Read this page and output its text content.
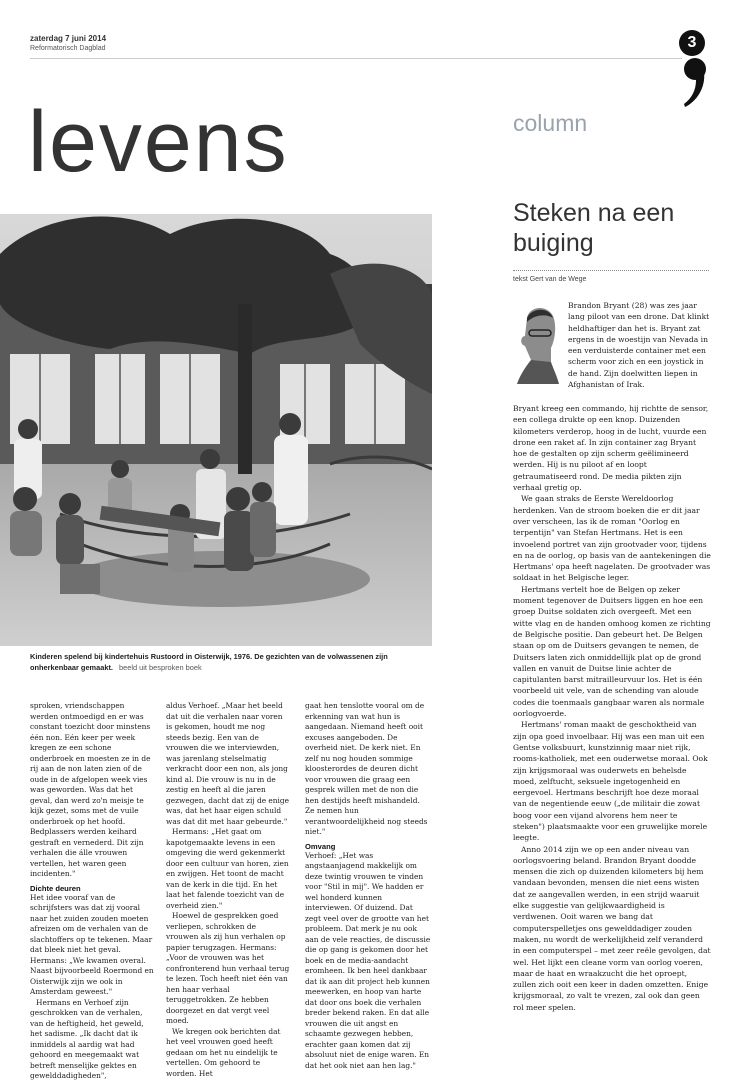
zaterdag 7 juni 2014
Reformatorisch Dagblad	3
levens	column
Steken na een buiging
tekst Gert van de Wege
Kinderen spelend bij kindertehuis Rustoord in Oisterwijk, 1976. De gezichten van de volwassenen zijn onherkenbaar gemaakt. beeld uit besproken boek

sproken, vriendschappen werden ontmoedigd en er was constant toezicht door minstens één non. Eén keer per week kregen ze een schone onderbroek en moesten ze in de rij aan de non laten zien of de oude in de afgelopen week vies was geworden. Was dat het geval, dan werd zo'n meisje te kijk gezet, soms met de vuile onderbroek op het hoofd. Bedplassers werden keihard gestraft en vernederd. Dit zijn verhalen die álle vrouwen vertellen, het waren geen incidenten."

Dichte deuren

Het idee vooraf van de schrijfsters was dat zij vooral naar het zuiden zouden moeten afreizen om de verhalen van de slachtoffers op te tekenen. Maar dat bleek niet het geval. Hermans: „We kwamen overal. Naast bijvoorbeeld Roermond en Oisterwijk zijn we ook in Amsterdam geweest."

Hermans en Verhoef zijn geschrokken van de verhalen, van de heftigheid, het geweld, het sadisme. „Ik dacht dat ik inmiddels al aardig wat had gehoord en meegemaakt wat betreft menselijke gektes en gewelddadigheden",

aldus Verhoef. „Maar het beeld dat uit die verhalen naar voren is gekomen, houdt me nog steeds bezig. Een van de vrouwen die we interviewden, was jarenlang stelselmatig verkracht door een non, als jong kind al. Die vrouw is nu in de zestig en heeft al die jaren gezwegen, dacht dat zij de enige was, dat het haar eigen schuld was dat dit met haar gebeurde."

Hermans: „Het gaat om kapotgemaakte levens in een omgeving die werd gekenmerkt door een cultuur van horen, zien en zwijgen. Het toont de macht van de kerk in die tijd. En het laat het falende toezicht van de overheid zien."

Hoewel de gesprekken goed verliepen, schrokken de vrouwen als zij hun verhalen op papier terugzagen. Hermans: „Voor de vrouwen was het confronterend hun verhaal terug te lezen. Toch heeft niet één van hen haar verhaal teruggetrokken. Ze hebben doorgezet en dat vergt veel moed.

We kregen ook berichten dat het veel vrouwen goed heeft gedaan om het nu eindelijk te vertellen. Om gehoord te worden. Het

gaat hen tenslotte vooral om de erkenning van wat hun is aangedaan. Niemand heeft ooit excuses aangeboden. De overheid niet. De kerk niet. En zelf nu nog houden sommige kloosterordes de deuren dicht voor vrouwen die graag een gesprek willen met de non die hen destijds heeft mishandeld. Ze nemen hun verantwoordelijkheid nog steeds niet."

Omvang

Verhoef: „Het was angstaanjagend makkelijk om deze twintig vrouwen te vinden voor "Stil in mij". We hadden er wel honderd kunnen interviewen. Of duizend. Dat zegt veel over de grootte van het probleem. Dat merk je nu ook aan de vele reacties, de discussie die op gang is gekomen door het boek en de media-aandacht eromheen. Ik ben heel dankbaar dat ik aan dit project heb kunnen meewerken, en hoop van harte dat door ons boek die verhalen breder bekend raken. En dat alle vrouwen die uit angst en schaamte gezwegen hebben, erachter gaan komen dat zij absoluut niet de enige waren. En dat het ook niet aan hen lag."

Brandon Bryant (28) was zes jaar lang piloot van een drone. Dat klinkt heldhaftiger dan het is. Bryant zat ergens in de woestijn van Nevada in een verduisterde container met een scherm voor zich en een joystick in de hand. Zijn doelwitten liepen in Afghanistan of Irak.

Bryant kreeg een commando, hij richtte de sensor, een collega drukte op een knop. Duizenden kilometers verderop, hoog in de lucht, vuurde een drone een raket af. In zijn container zag Bryant hoe de gestalten op zijn scherm geëlimineerd werden. Hij is nu piloot af en loopt getraumatiseerd rond. De media pikten zijn verhaal gretig op.

We gaan straks de Eerste Wereldoorlog herdenken. Van de stroom boeken die er dit jaar over verscheen, las ik de roman "Oorlog en terpentijn" van Stefan Hertmans. Het is een invoelend portret van zijn grootvader voor, tijdens en na de oorlog, op basis van de aantekeningen die Hertmans' opa heeft nagelaten. De grootvader was soldaat in het Belgische leger.

Hertmans vertelt hoe de Belgen op zeker moment tegenover de Duitsers liggen en hoe een groep Duitse soldaten zich overgeeft. Met een witte vlag en de handen omhoog komen ze richting de Belgische positie. Dan gebeurt het. De Belgen staan op om de Duitsers gevangen te nemen, de Duitsers laten zich onmiddellijk plat op de grond vallen en vanuit de Duitse linie achter de capitulanten barst mitrailleurvuur los. Het is één voorbeeld uit vele, van de schending van aloude codes die toenmaals gangbaar waren als normale oorlogvoerde.

Hertmans' roman maakt de geschoktheid van zijn opa goed invoelbaar. Hij was een man uit een Gentse volksbuurt, kunstzinnig maar niet rijk, rooms-katholiek, met een ouderwetse moraal. Ook zijn krijgsmoraal was ouderwets en behelsde moed, zelftucht, seksuele ingetogenheid en eergevoel. Hertmans beschrijft hoe deze moraal van de negentiende eeuw („de militair die zowat boog voor een vijand alvorens hem neer te steken") plaatsmaakte voor een gruwelijke morele leegte.

Anno 2014 zijn we op een ander niveau van oorlogsvoering beland. Brandon Bryant doodde mensen die zich op duizenden kilometers bij hem vandaan bevonden, mensen die niet eens wisten dat ze aangevallen werden, in een strijd waaruit elke suggestie van gelijkwaardigheid is verdwenen. Ooit waren we bang dat computerspelletjes ons gewelddadiger zouden maken, nu wordt de werkelijkheid zelf veranderd in een computerspel – met zeer reële gevolgen, dat wel. Het lijkt een cleane vorm van oorlog voeren, maar de haat en wraakzucht die het oproept, zullen zich ooit een keer in daden omzetten. Enige krijgsmoraal, zo valt te vrezen, zal ook dan geen rol meer spelen.
